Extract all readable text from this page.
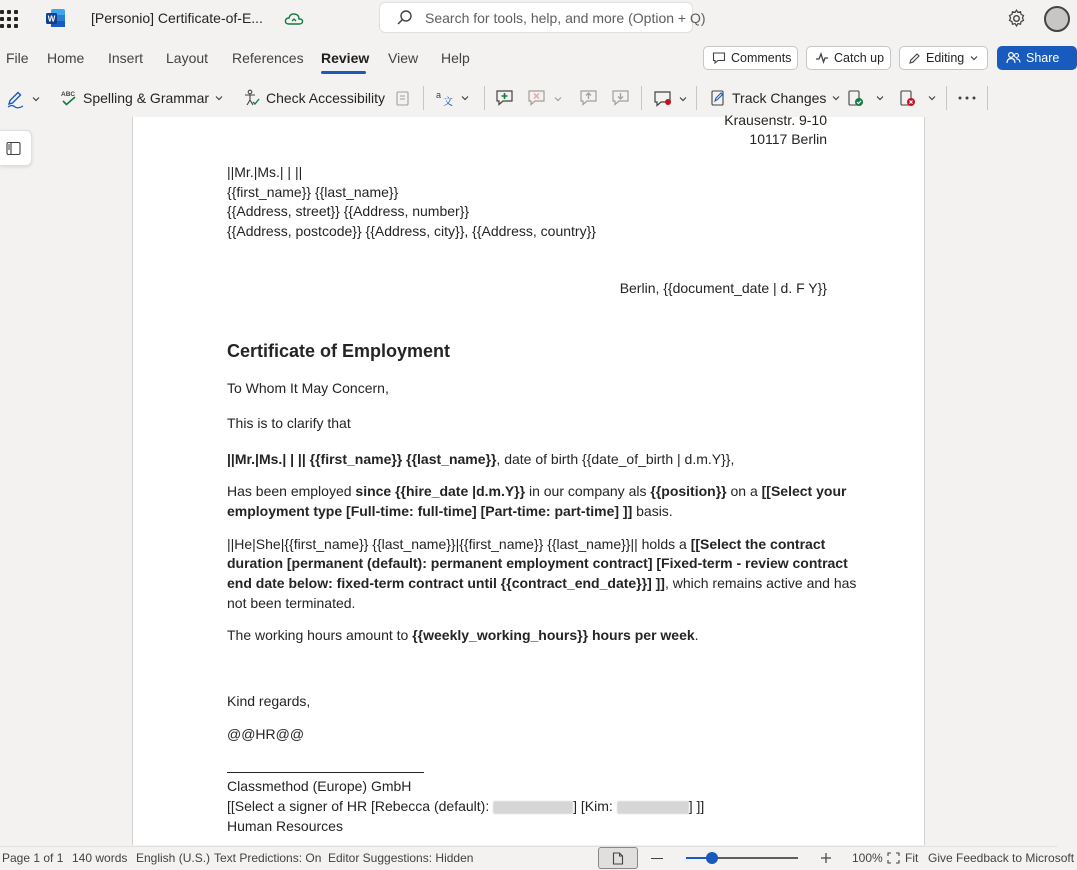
W	[Personio] Certificate-of-E...	Search for tools, help, and more (Option + Q)
File Home Insert Layout References Review View Help	Comments	Catch up	Editing	Share
ABC Spelling & Grammar	Check Accessibility	a
文	Track Changes
Krausenstr. 9-10
10117 Berlin
||Mr.|Ms.| | ||
{{first_name}} {{last_name}}
{{Address, street}} {{Address, number}}
{{Address, postcode}} {{Address, city}}, {{Address, country}}
Berlin, {{document_date | d. F Y}}
Certificate of Employment
To Whom It May Concern,
This is to clarify that
||Mr.|Ms.| | || {{first_name}} {{last_name}}, date of birth {{date_of_birth | d.m.Y}},
Has been employed since {{hire_date |d.m.Y}} in our company als {{position}} on a [[Select your
employment type [Full-time: full-time] [Part-time: part-time] ]] basis.
||He|She|{{first_name}} {{last_name}}|{{first_name}} {{last_name}}|| holds a [[Select the contract
duration [permanent (default): permanent employment contract] [Fixed-term - review contract
end date below: fixed-term contract until {{contract_end_date}}] ]], which remains active and has
not been terminated.
The working hours amount to {{weekly_working_hours}} hours per week.
Kind regards,
@@HR@@
Classmethod (Europe) GmbH
[[Select a signer of HR [Rebecca (default):	] [Kim:	] ]]
Human Resources
Page 1 of 1 140 words English (U.S.) Text Predictions: On Editor Suggestions: Hidden	100% Fit Give Feedback to Microsoft
